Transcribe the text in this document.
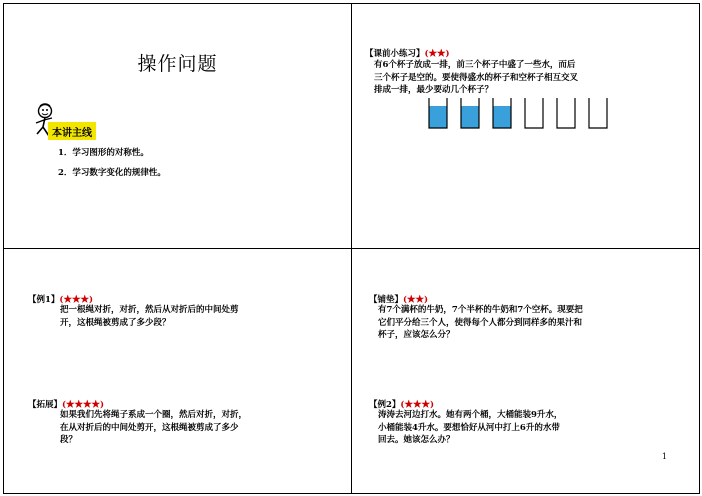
操作问题
本讲主线
1．学习图形的对称性。
2．学习数字变化的规律性。
【课前小练习】(★★)
有6个杯子放成一排，前三个杯子中盛了一些水，而后
三个杯子是空的。要使得盛水的杯子和空杯子相互交叉
排成一排，最少要动几个杯子？
【例1】(★★★)
把一根绳对折，对折，然后从对折后的中间处剪
开，这根绳被剪成了多少段？
【拓展】(★★★★)
如果我们先将绳子系成一个圈，然后对折，对折，
在从对折后的中间处剪开，这根绳被剪成了多少
段？
【铺垫】(★★)
有7个满杯的牛奶，7个半杯的牛奶和7个空杯。现要把
它们平分给三个人，使得每个人都分到同样多的果汁和
杯子，应该怎么分？
【例2】(★★★)
涛涛去河边打水。她有两个桶，大桶能装9升水，
小桶能装4升水。要想恰好从河中打上6升的水带
回去。她该怎么办？
1
